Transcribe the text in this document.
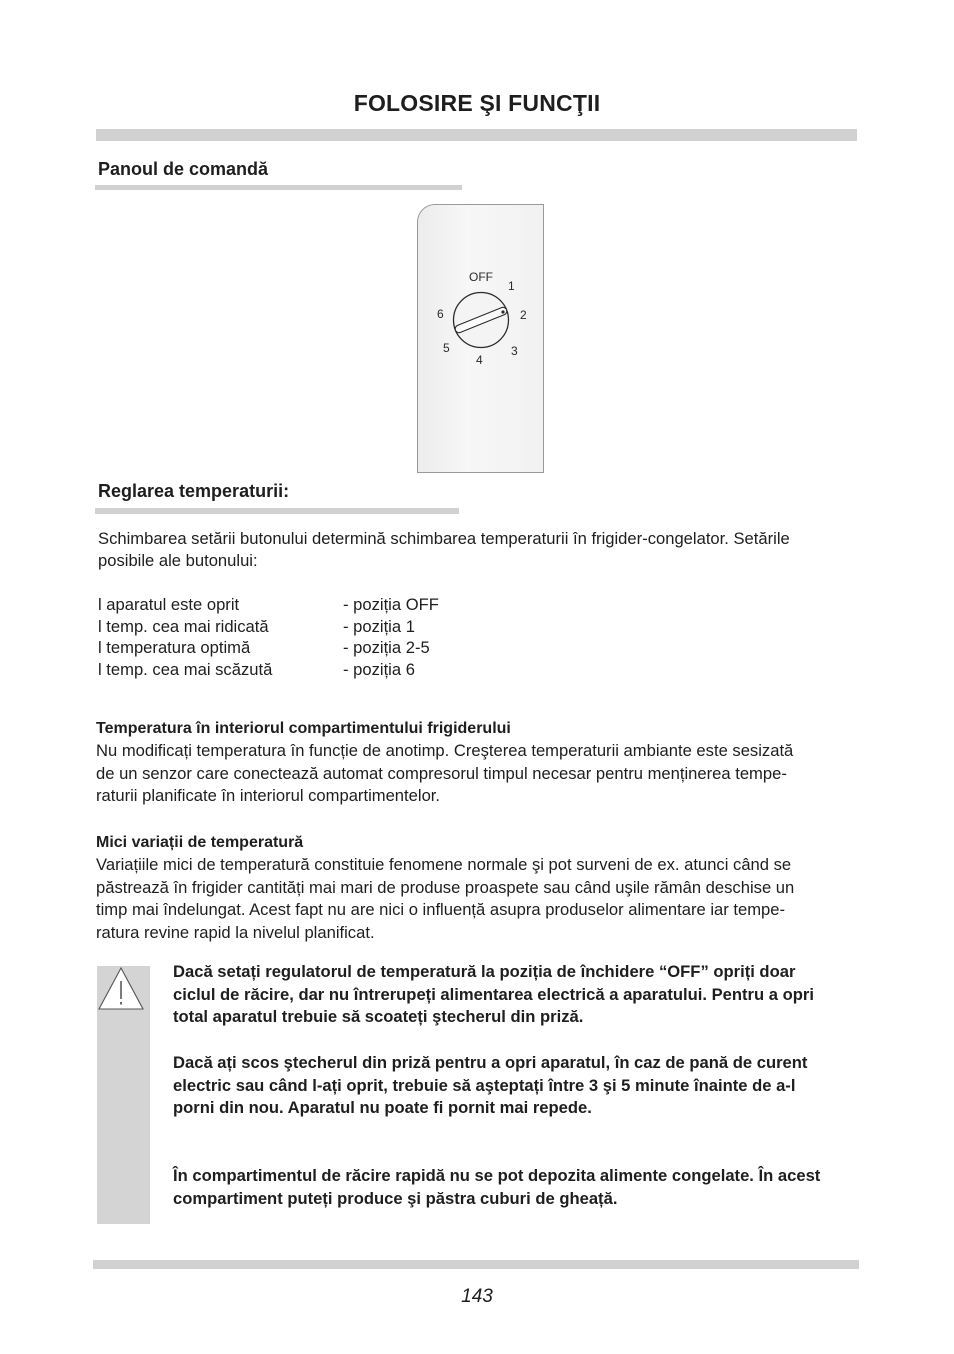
FOLOSIRE ŞI FUNCŢII
Panoul de comandă
OFF
1
2
3
4
5
6
Reglarea temperaturii:
Schimbarea setării butonului determină schimbarea temperaturii în frigider-congelator. Setările
posibile ale butonului:
l aparatul este oprit	- poziția OFF
l temp. cea mai ridicată	- poziția 1
l temperatura optimă	- poziția 2-5
l temp. cea mai scăzută	- poziția 6
Temperatura în interiorul compartimentului frigiderului
Nu modificați temperatura în funcție de anotimp. Creşterea temperaturii ambiante este sesizată
de un senzor care conectează automat compresorul timpul necesar pentru menținerea tempe-
raturii planificate în interiorul compartimentelor.
Mici variații de temperatură
Variațiile mici de temperatură constituie fenomene normale şi pot surveni de ex. atunci când se
păstrează în frigider cantități mai mari de produse proaspete sau când uşile rămân deschise un
timp mai îndelungat. Acest fapt nu are nici o influență asupra produselor alimentare iar tempe-
ratura revine rapid la nivelul planificat.
Dacă setați regulatorul de temperatură la poziția de închidere “OFF” opriți doar
ciclul de răcire, dar nu întrerupeți alimentarea electrică a aparatului. Pentru a opri
total aparatul trebuie să scoateți ştecherul din priză.
Dacă ați scos ştecherul din priză pentru a opri aparatul, în caz de pană de curent
electric sau când l-ați oprit, trebuie să aşteptați între 3 şi 5 minute înainte de a-l
porni din nou. Aparatul nu poate fi pornit mai repede.
În compartimentul de răcire rapidă nu se pot depozita alimente congelate. În acest
compartiment puteți produce şi păstra cuburi de gheață.
143
